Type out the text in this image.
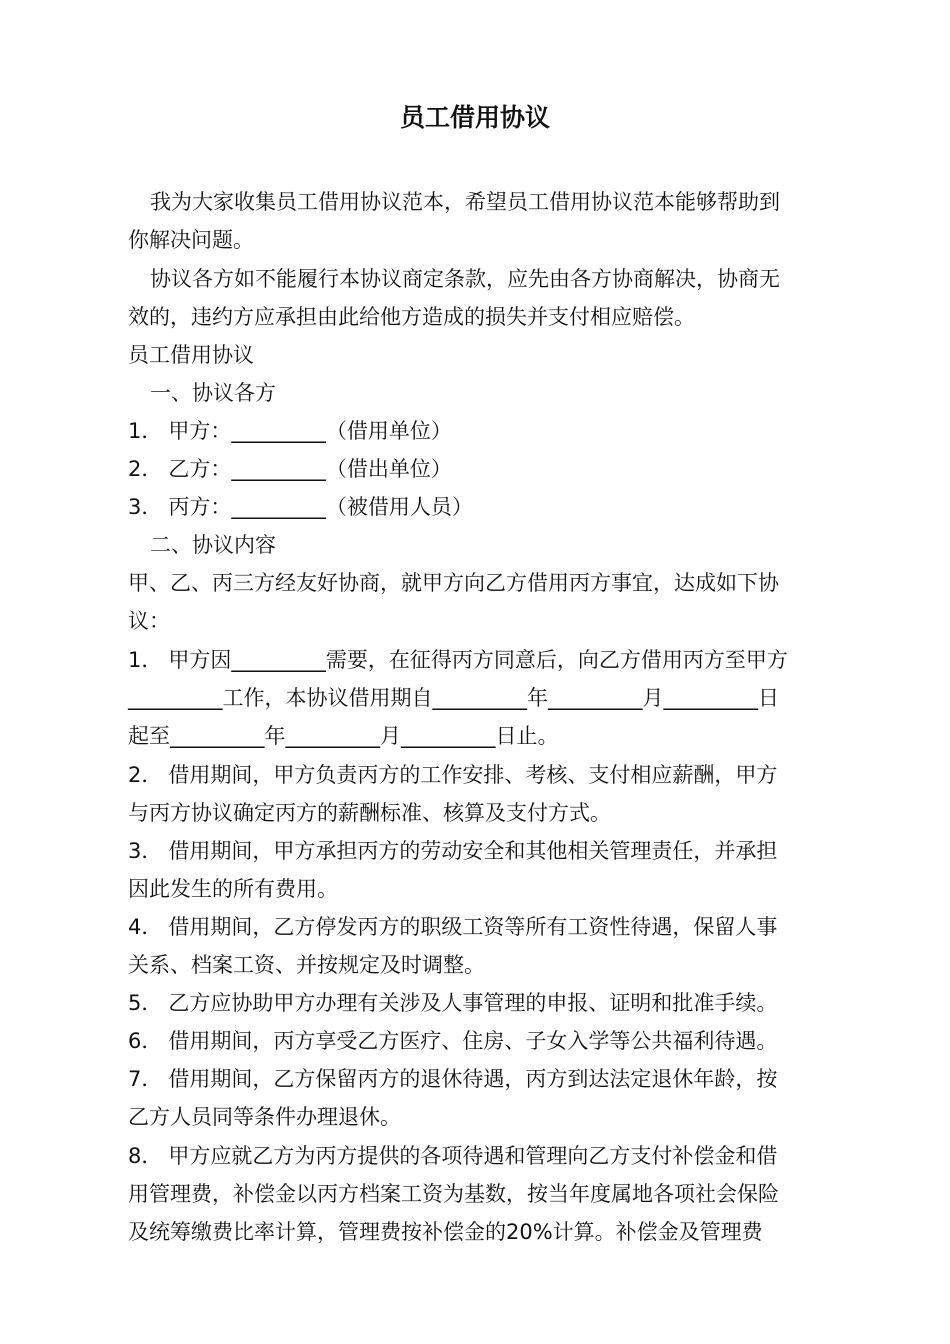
员工借用协议
我为大家收集员工借用协议范本，希望员工借用协议范本能够帮助到
你解决问题。
协议各方如不能履行本协议商定条款，应先由各方协商解决，协商无
效的，违约方应承担由此给他方造成的损失并支付相应赔偿。
员工借用协议
一、协议各方
1． 甲方：_________（借用单位）
2． 乙方：_________（借出单位）
3． 丙方：_________（被借用人员）
二、协议内容
甲、乙、丙三方经友好协商，就甲方向乙方借用丙方事宜，达成如下协
议：
1． 甲方因_________需要，在征得丙方同意后，向乙方借用丙方至甲方
_________工作，本协议借用期自_________年_________月_________日
起至_________年_________月_________日止。
2． 借用期间，甲方负责丙方的工作安排、考核、支付相应薪酬，甲方
与丙方协议确定丙方的薪酬标准、核算及支付方式。
3． 借用期间，甲方承担丙方的劳动安全和其他相关管理责任，并承担
因此发生的所有费用。
4． 借用期间，乙方停发丙方的职级工资等所有工资性待遇，保留人事
关系、档案工资、并按规定及时调整。
5． 乙方应协助甲方办理有关涉及人事管理的申报、证明和批准手续。
6． 借用期间，丙方享受乙方医疗、住房、子女入学等公共福利待遇。
7． 借用期间，乙方保留丙方的退休待遇，丙方到达法定退休年龄，按
乙方人员同等条件办理退休。
8． 甲方应就乙方为丙方提供的各项待遇和管理向乙方支付补偿金和借
用管理费，补偿金以丙方档案工资为基数，按当年度属地各项社会保险
及统筹缴费比率计算，管理费按补偿金的20%计算。补偿金及管理费
